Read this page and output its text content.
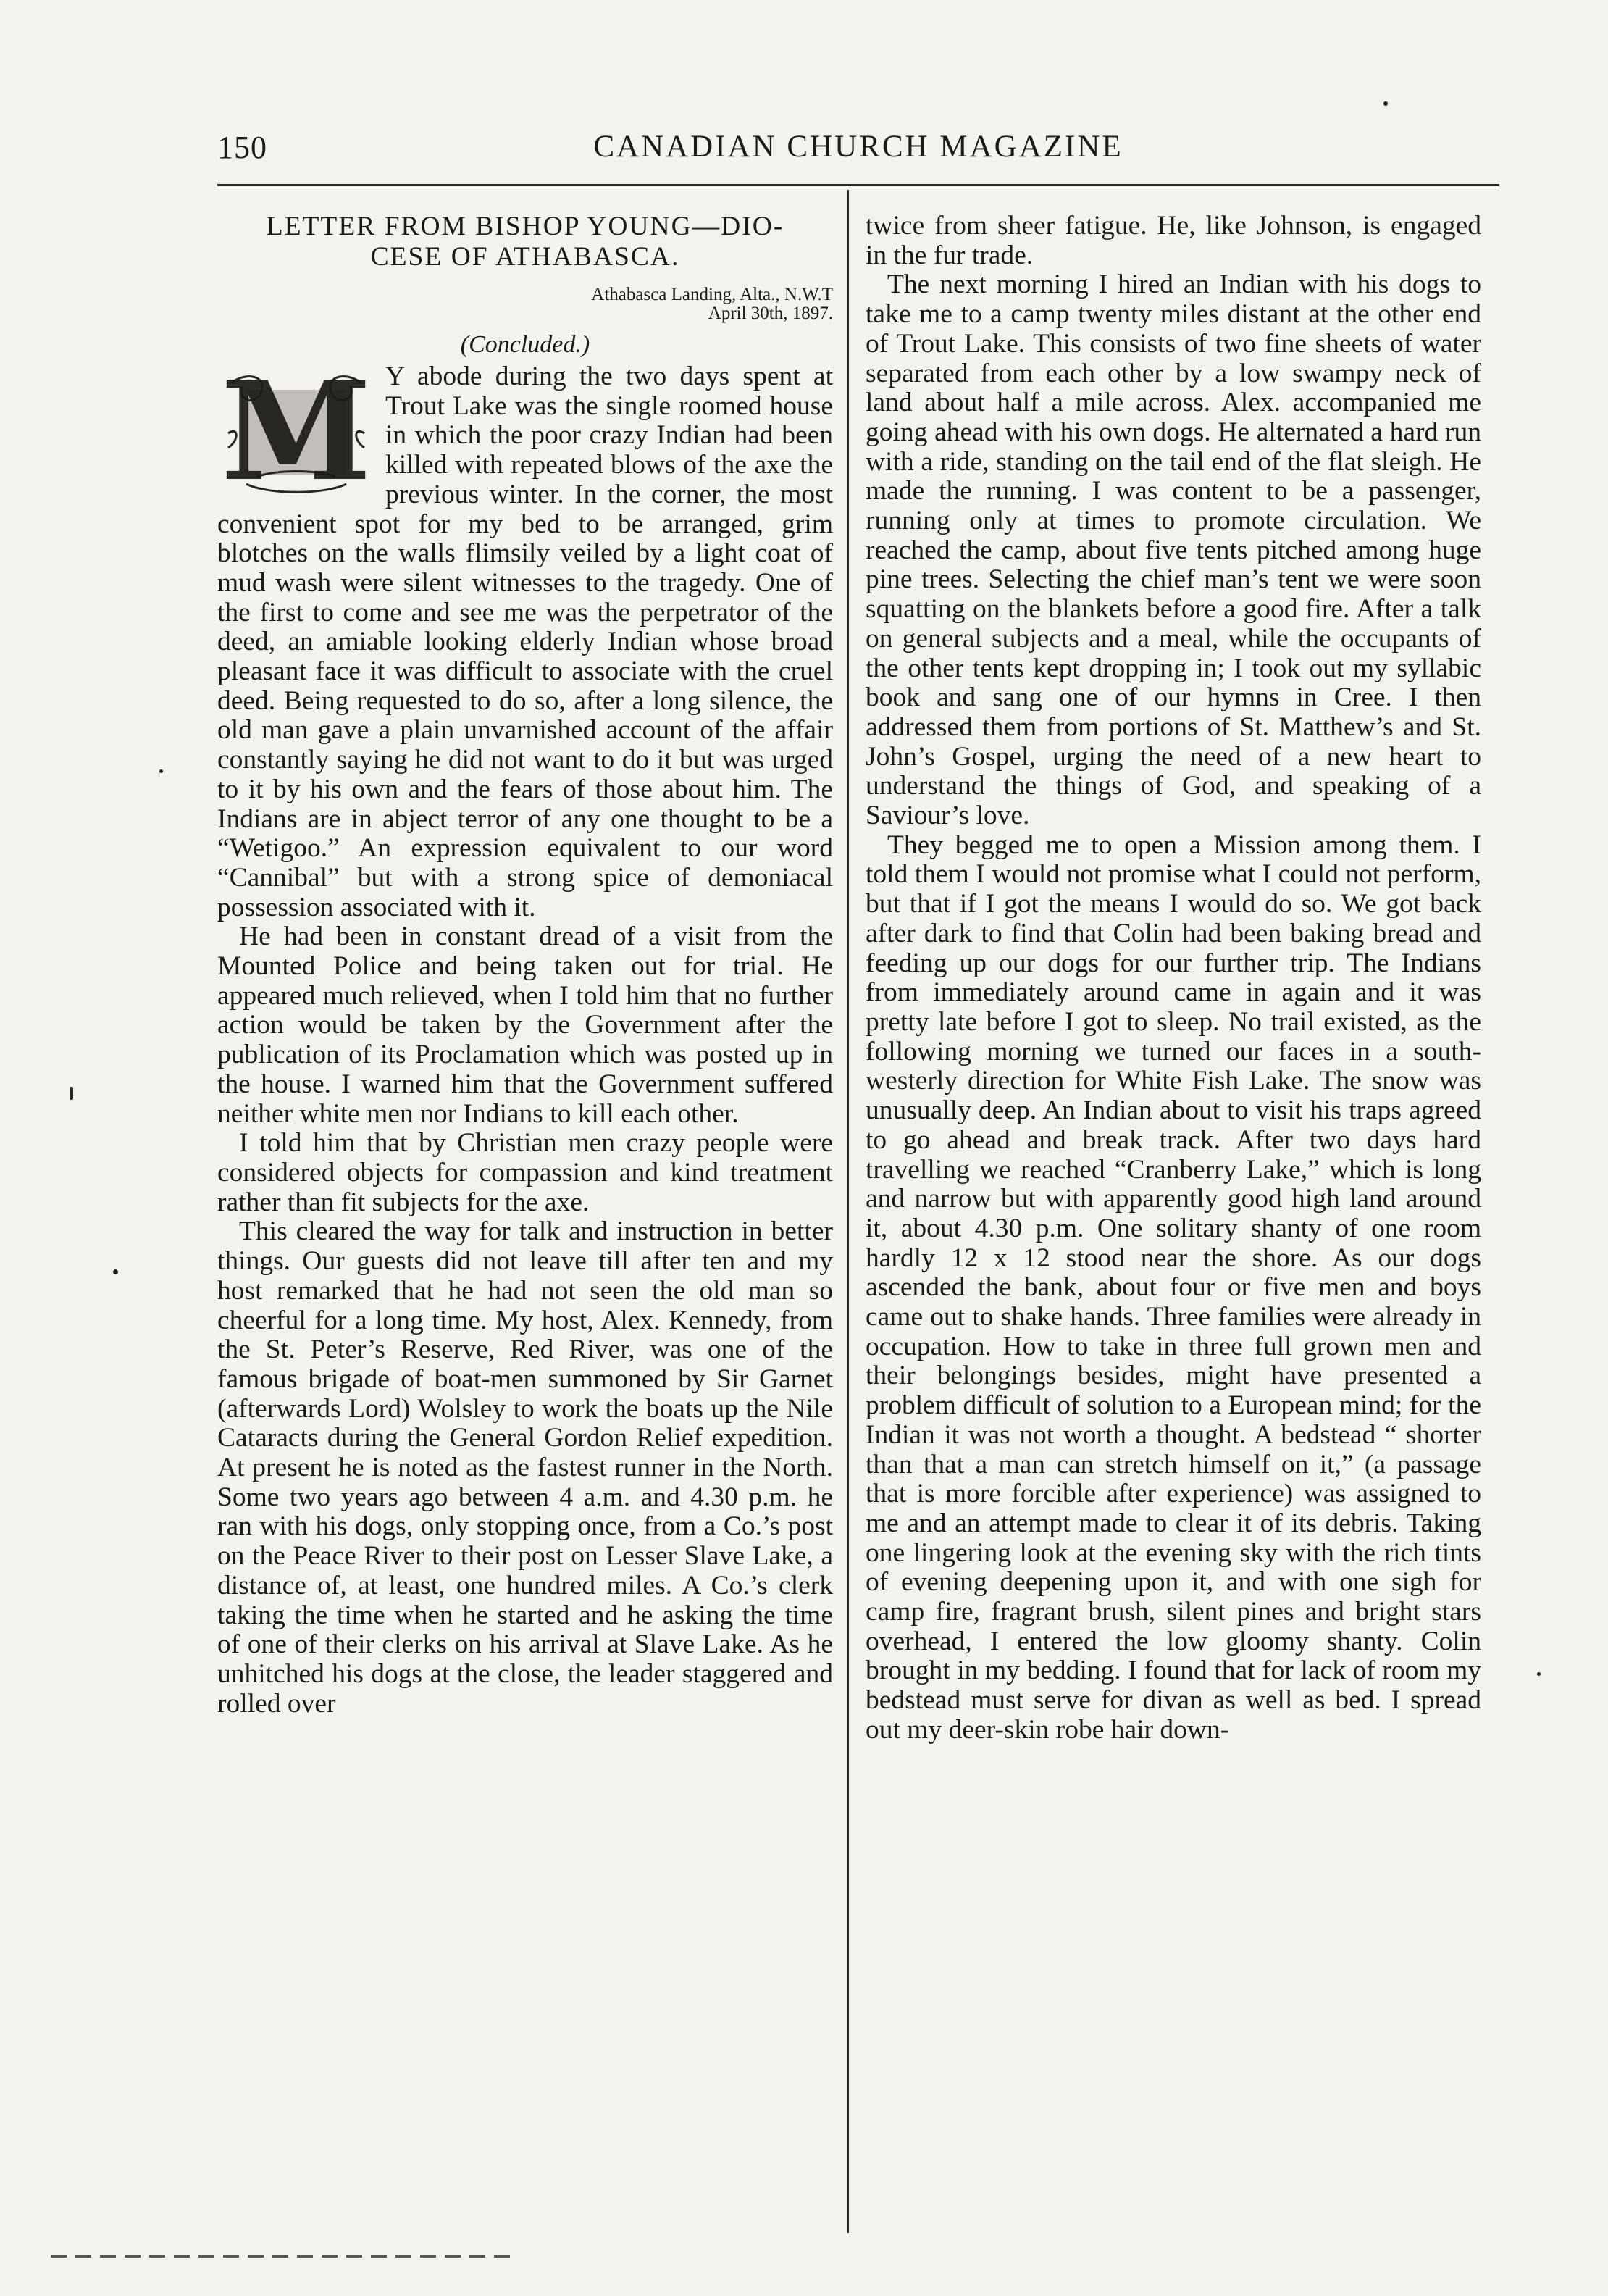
150	CANADIAN CHURCH MAGAZINE
LETTER FROM BISHOP YOUNG—DIO-
CESE OF ATHABASCA.
Athabasca Landing, Alta., N.W.T
April 30th, 1897.
(Concluded.)
M Y abode during the two days spent at Trout Lake was the single roomed house in which the poor crazy Indian had been killed with repeated blows of the axe the previous winter. In the corner, the most convenient spot for my bed to be arranged, grim blotches on the walls flimsily veiled by a light coat of mud wash were silent witnesses to the tragedy. One of the first to come and see me was the perpetrator of the deed, an amiable looking elderly Indian whose broad pleasant face it was difficult to associate with the cruel deed. Being requested to do so, after a long silence, the old man gave a plain unvarnished account of the affair constantly saying he did not want to do it but was urged to it by his own and the fears of those about him. The Indians are in abject terror of any one thought to be a “Wetigoo.” An expression equivalent to our word “Cannibal” but with a strong spice of demoniacal possession associated with it.

He had been in constant dread of a visit from the Mounted Police and being taken out for trial. He appeared much relieved, when I told him that no further action would be taken by the Government after the publication of its Proclamation which was posted up in the house. I warned him that the Government suffered neither white men nor Indians to kill each other.

I told him that by Christian men crazy people were considered objects for compassion and kind treatment rather than fit subjects for the axe.

This cleared the way for talk and instruction in better things. Our guests did not leave till after ten and my host remarked that he had not seen the old man so cheerful for a long time. My host, Alex. Kennedy, from the St. Peter’s Reserve, Red River, was one of the famous brigade of boat-men summoned by Sir Garnet (afterwards Lord) Wolsley to work the boats up the Nile Cataracts during the General Gordon Relief expedition. At present he is noted as the fastest runner in the North. Some two years ago between 4 a.m. and 4.30 p.m. he ran with his dogs, only stopping once, from a Co.’s post on the Peace River to their post on Lesser Slave Lake, a distance of, at least, one hundred miles. A Co.’s clerk taking the time when he started and he asking the time of one of their clerks on his arrival at Slave Lake. As he unhitched his dogs at the close, the leader staggered and rolled over

twice from sheer fatigue. He, like Johnson, is engaged in the fur trade.

The next morning I hired an Indian with his dogs to take me to a camp twenty miles distant at the other end of Trout Lake. This consists of two fine sheets of water separated from each other by a low swampy neck of land about half a mile across. Alex. accompanied me going ahead with his own dogs. He alternated a hard run with a ride, standing on the tail end of the flat sleigh. He made the running. I was content to be a passenger, running only at times to promote circulation. We reached the camp, about five tents pitched among huge pine trees. Selecting the chief man’s tent we were soon squatting on the blankets before a good fire. After a talk on general subjects and a meal, while the occupants of the other tents kept dropping in; I took out my syllabic book and sang one of our hymns in Cree. I then addressed them from portions of St. Matthew’s and St. John’s Gospel, urging the need of a new heart to understand the things of God, and speaking of a Saviour’s love.

They begged me to open a Mission among them. I told them I would not promise what I could not perform, but that if I got the means I would do so. We got back after dark to find that Colin had been baking bread and feeding up our dogs for our further trip. The Indians from immediately around came in again and it was pretty late before I got to sleep. No trail existed, as the following morning we turned our faces in a south-westerly direction for White Fish Lake. The snow was unusually deep. An Indian about to visit his traps agreed to go ahead and break track. After two days hard travelling we reached “Cranberry Lake,” which is long and narrow but with apparently good high land around it, about 4.30 p.m. One solitary shanty of one room hardly 12 x 12 stood near the shore. As our dogs ascended the bank, about four or five men and boys came out to shake hands. Three families were already in occupation. How to take in three full grown men and their belongings besides, might have presented a problem difficult of solution to a European mind; for the Indian it was not worth a thought. A bedstead “ shorter than that a man can stretch himself on it,” (a passage that is more forcible after experience) was assigned to me and an attempt made to clear it of its debris. Taking one lingering look at the evening sky with the rich tints of evening deepening upon it, and with one sigh for camp fire, fragrant brush, silent pines and bright stars overhead, I entered the low gloomy shanty. Colin brought in my bedding. I found that for lack of room my bedstead must serve for divan as well as bed. I spread out my deer-skin robe hair down-
